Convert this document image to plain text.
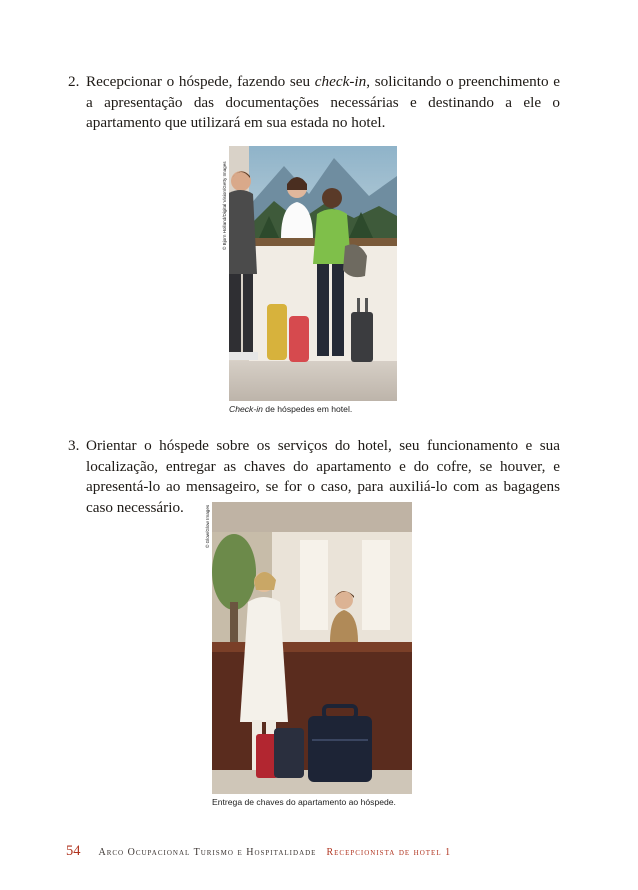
2. Recepcionar o hóspede, fazendo seu check-in, solicitando o preenchimento e a apresentação das documentações necessárias e destinando a ele o apartamento que utilizará em sua estada no hotel.
© Bjorn Holland/Digital Vision/Getty Images
Check-in de hóspedes em hotel.
3. Orientar o hóspede sobre os serviços do hotel, seu funcionamento e sua localização, entregar as chaves do apartamento e do cofre, se houver, e apresentá-lo ao mensageiro, se for o caso, para auxiliá-lo com as bagagens caso necessário.	© Glow/Glow Images
Entrega de chaves do apartamento ao hóspede.
54 Arco Ocupacional Turismo e Hospitalidade Recepcionista de hotel 1
